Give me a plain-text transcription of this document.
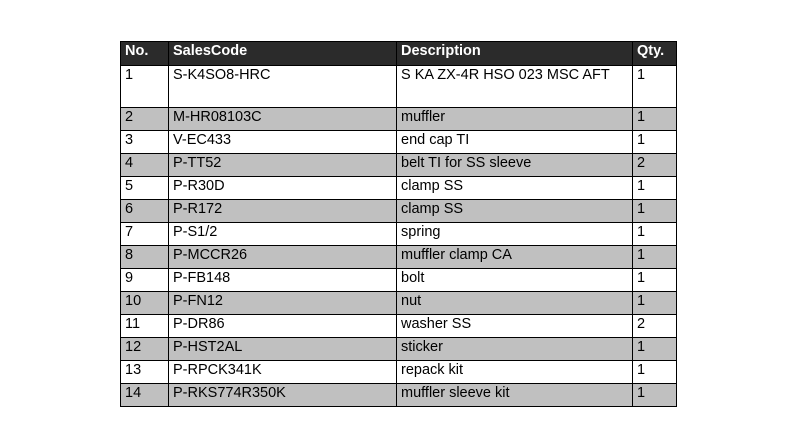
No.	SalesCode	Description	Qty.
1	S-K4SO8-HRC	S KA ZX-4R HSO 023 MSC AFT	1
2	M-HR08103C	muffler	1
3	V-EC433	end cap TI	1
4	P-TT52	belt TI for SS sleeve	2
5	P-R30D	clamp SS	1
6	P-R172	clamp SS	1
7	P-S1/2	spring	1
8	P-MCCR26	muffler clamp CA	1
9	P-FB148	bolt	1
10	P-FN12	nut	1
11	P-DR86	washer SS	2
12	P-HST2AL	sticker	1
13	P-RPCK341K	repack kit	1
14	P-RKS774R350K	muffler sleeve kit	1
